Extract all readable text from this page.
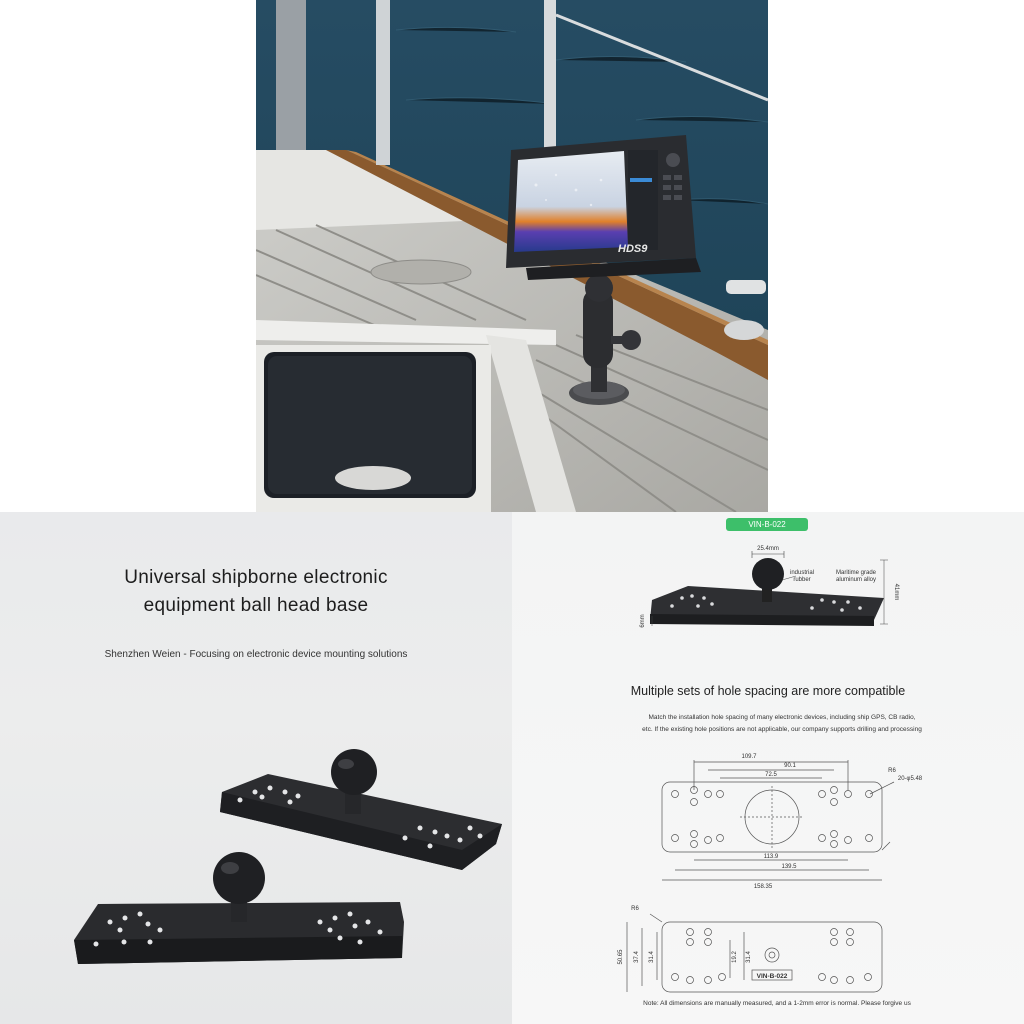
HDS9
Universal shipborne electronic
equipment ball head base
Shenzhen Weien - Focusing on electronic device mounting solutions
VIN-B-022
25.4mm
industrial
rubber
Maritime grade
aluminum alloy
41mm
6mm
Multiple sets of hole spacing are more compatible
Match the installation hole spacing of many electronic devices, including ship GPS, CB radio,
etc. If the existing hole positions are not applicable, our company supports drilling and processing
109.7
90.1
72.5
113.9
139.5
158.35
R6
20-φ5.48
R6
50.65 37.4 31.4	19.2 31.4
VIN-B-022
Note: All dimensions are manually measured, and a 1-2mm error is normal. Please forgive us
